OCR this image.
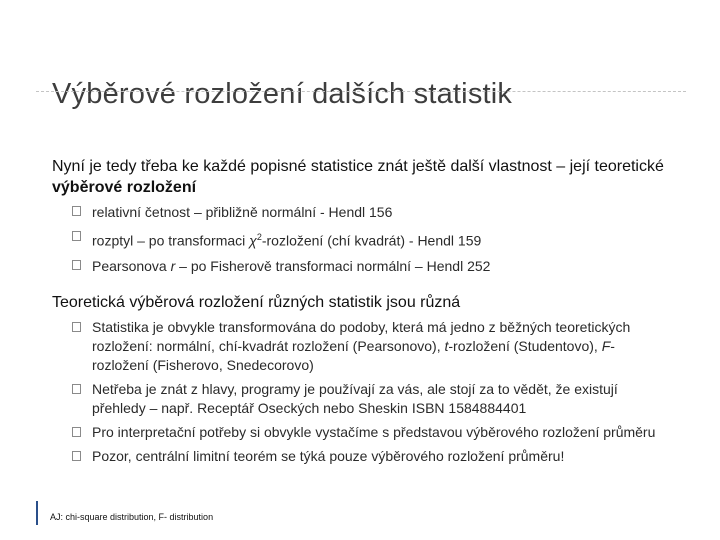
Výběrové rozložení dalších statistik
Nyní je tedy třeba ke každé popisné statistice znát ještě další vlastnost – její teoretické výběrové rozložení
relativní četnost – přibližně normální - Hendl 156
rozptyl – po transformaci $\chi^2$-rozložení (chí kvadrát) - Hendl 159
Pearsonova r – po Fisherově transformaci normální – Hendl 252
Teoretická výběrová rozložení různých statistik jsou různá
Statistika je obvykle transformována do podoby, která má jedno z běžných teoretických rozložení: normální, chí-kvadrát rozložení (Pearsonovo), t-rozložení (Studentovo), F-rozložení (Fisherovo, Snedecorovo)
Netřeba je znát z hlavy, programy je používají za vás, ale stojí za to vědět, že existují přehledy – např. Receptář Oseckých nebo Sheskin ISBN 1584884401
Pro interpretační potřeby si obvykle vystačíme s představou výběrového rozložení průměru
Pozor, centrální limitní teorém se týká pouze výběrového rozložení průměru!
AJ: chi-square distribution, F- distribution
